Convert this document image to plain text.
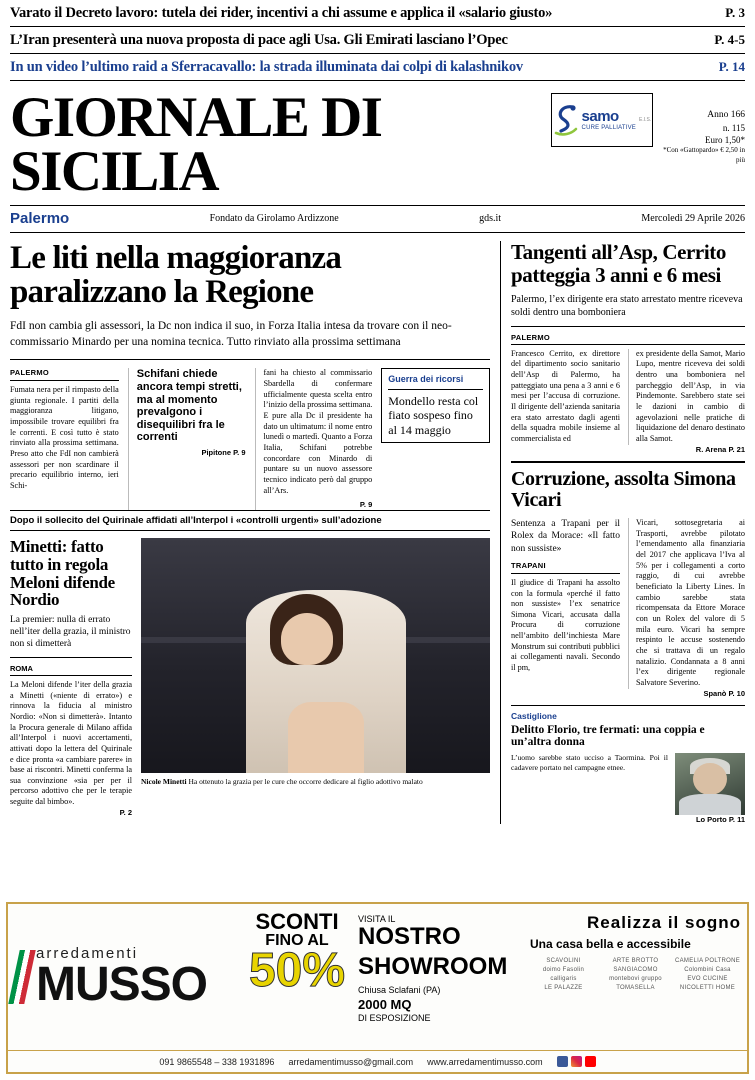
Varato il Decreto lavoro: tutela dei rider, incentivi a chi assume e applica il «salario giusto»	P. 3
L’Iran presenterà una nuova proposta di pace agli Usa. Gli Emirati lasciano l’Opec	P. 4-5
In un video l’ultimo raid a Sferracavallo: la strada illuminata dai colpi di kalashnikov	P. 14
GIORNALE DI SICILIA
samo
CURE PALLIATIVE
E.I.S.	Anno 166
n. 115
Euro 1,50*
*Con «Gattopardo» € 2,50 in più
Palermo	Fondato da Girolamo Ardizzone	gds.it	Mercoledì 29 Aprile 2026
Le liti nella maggioranza paralizzano la Regione
FdI non cambia gli assessori, la Dc non indica il suo, in Forza Italia intesa da trovare con il neo-commissario Minardo per una nomina tecnica. Tutto rinviato alla prossima settimana
PALERMO

Fumata nera per il rimpasto della giunta regionale. I partiti della maggioranza litigano, impossibile trovare equilibri fra le correnti. E così tutto è stato rinviato alla prossima settimana. Preso atto che FdI non cambierà assessori per non scardinare il precario equilibrio interno, ieri Schi-

Schifani chiede ancora tempi stretti, ma al momento prevalgono i disequilibri fra le correnti
Pipitone P. 9

fani ha chiesto al commissario Sbardella di confermare ufficialmente questa scelta entro l’inizio della prossima settimana. E pure alla Dc il presidente ha dato un ultimatum: il nome entro lunedì o martedì. Quanto a Forza Italia, Schifani potrebbe concordare con Minardo di puntare su un nuovo assessore tecnico indicato però dal gruppo all’Ars.

P. 9
Guerra dei ricorsi
Mondello resta col fiato sospeso fino al 14 maggio
Dopo il sollecito del Quirinale affidati all’Interpol i «controlli urgenti» sull’adozione
Minetti: fatto tutto in regola Meloni difende Nordio
La premier: nulla di errato nell’iter della grazia, il ministro non si dimetterà
ROMA
La Meloni difende l’iter della grazia a Minetti («niente di errato») e rinnova la fiducia al ministro Nordio: «Non si dimetterà». Intanto la Procura generale di Milano affida all’Interpol i nuovi accertamenti, attivati dopo la lettera del Quirinale e dice pronta «a cambiare parere» in base ai riscontri. Minetti conferma la sua convinzione «sia per per il percorso adottivo che per le terapie seguite dal bimbo».
P. 2
Nicole Minetti Ha ottenuto la grazia per le cure che occorre dedicare al figlio adottivo malato
Tangenti all’Asp, Cerrito patteggia 3 anni e 6 mesi
Palermo, l’ex dirigente era stato arrestato mentre riceveva soldi dentro una bomboniera
PALERMO
Francesco Cerrito, ex direttore del dipartimento socio sanitario dell’Asp di Palermo, ha patteggiato una pena a 3 anni e 6 mesi per l’accusa di corruzione. Il dirigente dell’azienda sanitaria era stato arrestato dagli agenti della squadra mobile insieme al commercialista ed
ex presidente della Samot, Mario Lupo, mentre riceveva dei soldi dentro una bomboniera nel parcheggio dell’Asp, in via Pindemonte. Sarebbero state sei le dazioni in cambio di agevolazioni nelle pratiche di liquidazione del denaro destinato alla Samot.
R. Arena P. 21
Corruzione, assolta Simona Vicari
Sentenza a Trapani per il Rolex da Morace: «Il fatto non sussiste»
TRAPANI
Il giudice di Trapani ha assolto con la formula «perché il fatto non sussiste» l’ex senatrice Simona Vicari, accusata dalla Procura di corruzione nell’ambito dell’inchiesta Mare Monstrum sui contributi pubblici ai collegamenti navali. Secondo il pm,
Vicari, sottosegretaria ai Trasporti, avrebbe pilotato l’emendamento alla finanziaria del 2017 che applicava l’Iva al 5% per i collegamenti a corto raggio, di cui avrebbe beneficiato la Liberty Lines. In cambio sarebbe stata ricompensata da Ettore Morace con un Rolex del valore di 5 mila euro. Vicari ha sempre respinto le accuse sostenendo che si trattava di un regalo natalizio. Condannata a 8 anni l’ex dirigente regionale Salvatore Severino.
Spanò P. 10
Castiglione
Delitto Florio, tre fermati: una coppia e un’altra donna
L’uomo sarebbe stato ucciso a Taormina. Poi il cadavere portato nel campagne etnee.
Lo Porto P. 11
arredamenti
MUSSO
SCONTI
FINO AL
50%
VISITA IL
NOSTRO
SHOWROOM
Chiusa Sclafani (PA)
2000 MQ
DI ESPOSIZIONE
Realizza il sogno
Una casa bella e accessibile
SCAVOLINI	ARTE BROTTO	CAMELIA POLTRONE
doimo Fasolin	SANGIACOMO	Colombini Casa
calligaris	montebovi gruppo	EVO CUCINE
LE PALAZZE	TOMASELLA	NICOLETTI HOME
091 9865548 – 338 1931896 arredamentimusso@gmail.com www.arredamentimusso.com
